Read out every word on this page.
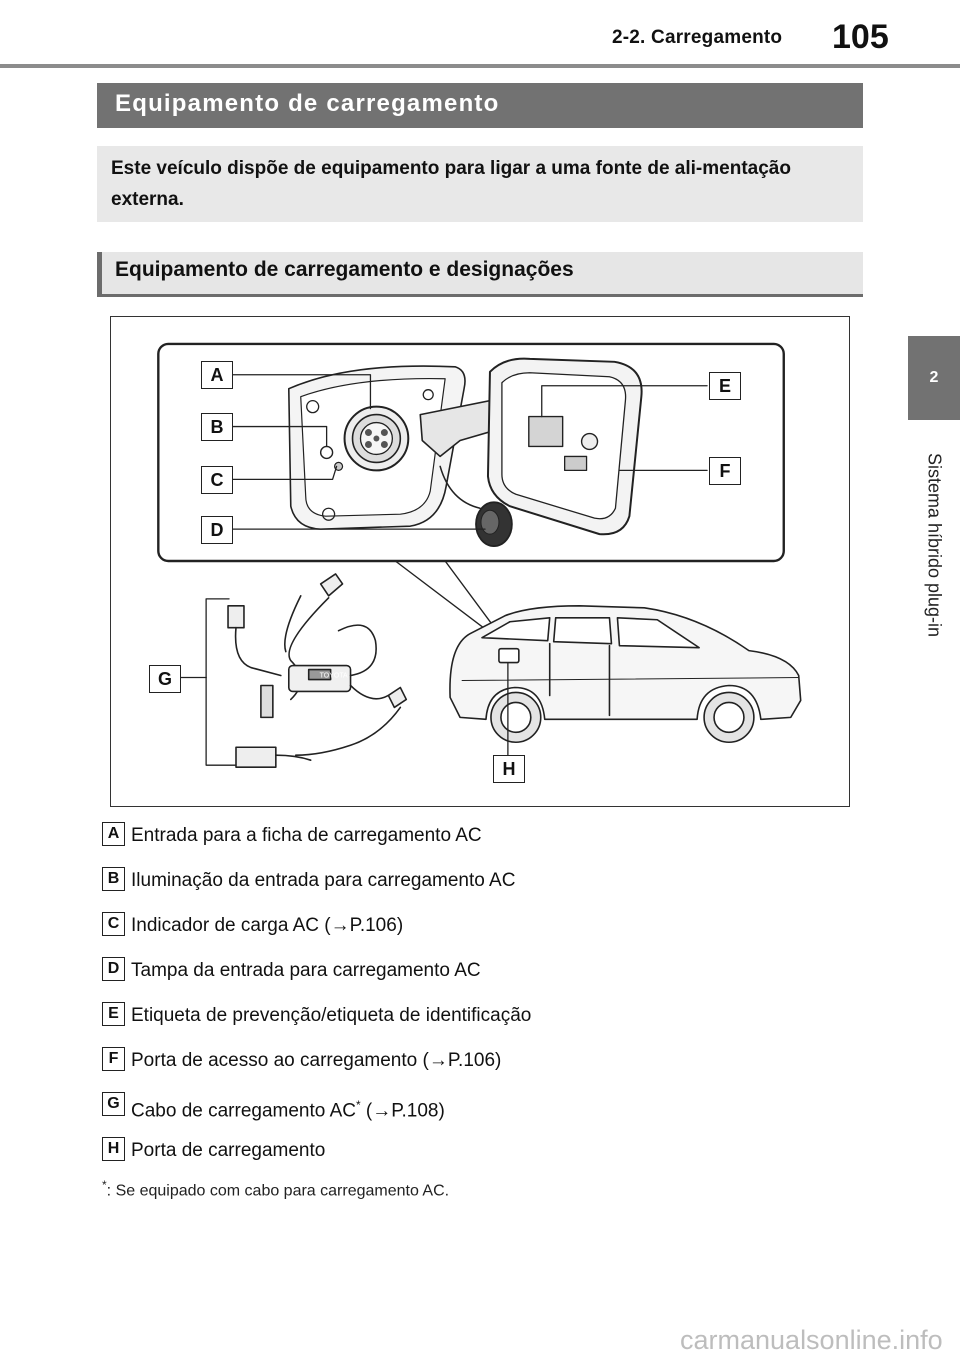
2-2. Carregamento 105
2
Sistema híbrido plug-in
Equipamento de carregamento
Este veículo dispõe de equipamento para ligar a uma fonte de ali-mentação externa.
Equipamento de carregamento e designações
TOYOTA
A
B
C
D
E
F
G
H
A Entrada para a ficha de carregamento AC
B Iluminação da entrada para carregamento AC
C Indicador de carga AC (→P.106)
D Tampa da entrada para carregamento AC
E Etiqueta de prevenção/etiqueta de identificação
F Porta de acesso ao carregamento (→P.106)
G Cabo de carregamento AC* (→P.108)
H Porta de carregamento
*: Se equipado com cabo para carregamento AC.
carmanualsonline.info
